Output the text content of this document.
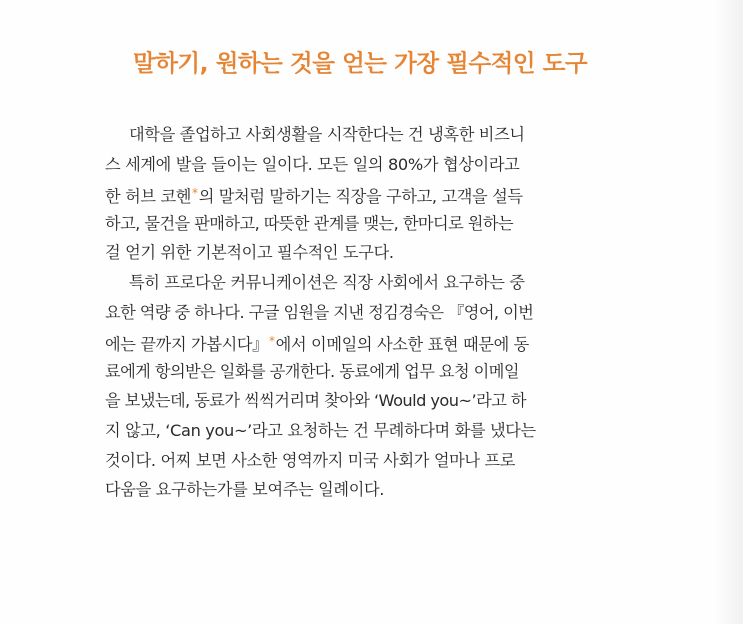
말하기, 원하는 것을 얻는 가장 필수적인 도구
대학을 졸업하고 사회생활을 시작한다는 건 냉혹한 비즈니
스 세계에 발을 들이는 일이다. 모든 일의 80%가 협상이라고
한 허브 코헨*의 말처럼 말하기는 직장을 구하고, 고객을 설득
하고, 물건을 판매하고, 따뜻한 관계를 맺는, 한마디로 원하는
걸 얻기 위한 기본적이고 필수적인 도구다.
특히 프로다운 커뮤니케이션은 직장 사회에서 요구하는 중
요한 역량 중 하나다. 구글 임원을 지낸 정김경숙은 『영어, 이번
에는 끝까지 가봅시다』*에서 이메일의 사소한 표현 때문에 동
료에게 항의받은 일화를 공개한다. 동료에게 업무 요청 이메일
을 보냈는데, 동료가 씩씩거리며 찾아와 ‘Would you~’라고 하
지 않고, ‘Can you~’라고 요청하는 건 무례하다며 화를 냈다는
것이다. 어찌 보면 사소한 영역까지 미국 사회가 얼마나 프로
다움을 요구하는가를 보여주는 일례이다.
